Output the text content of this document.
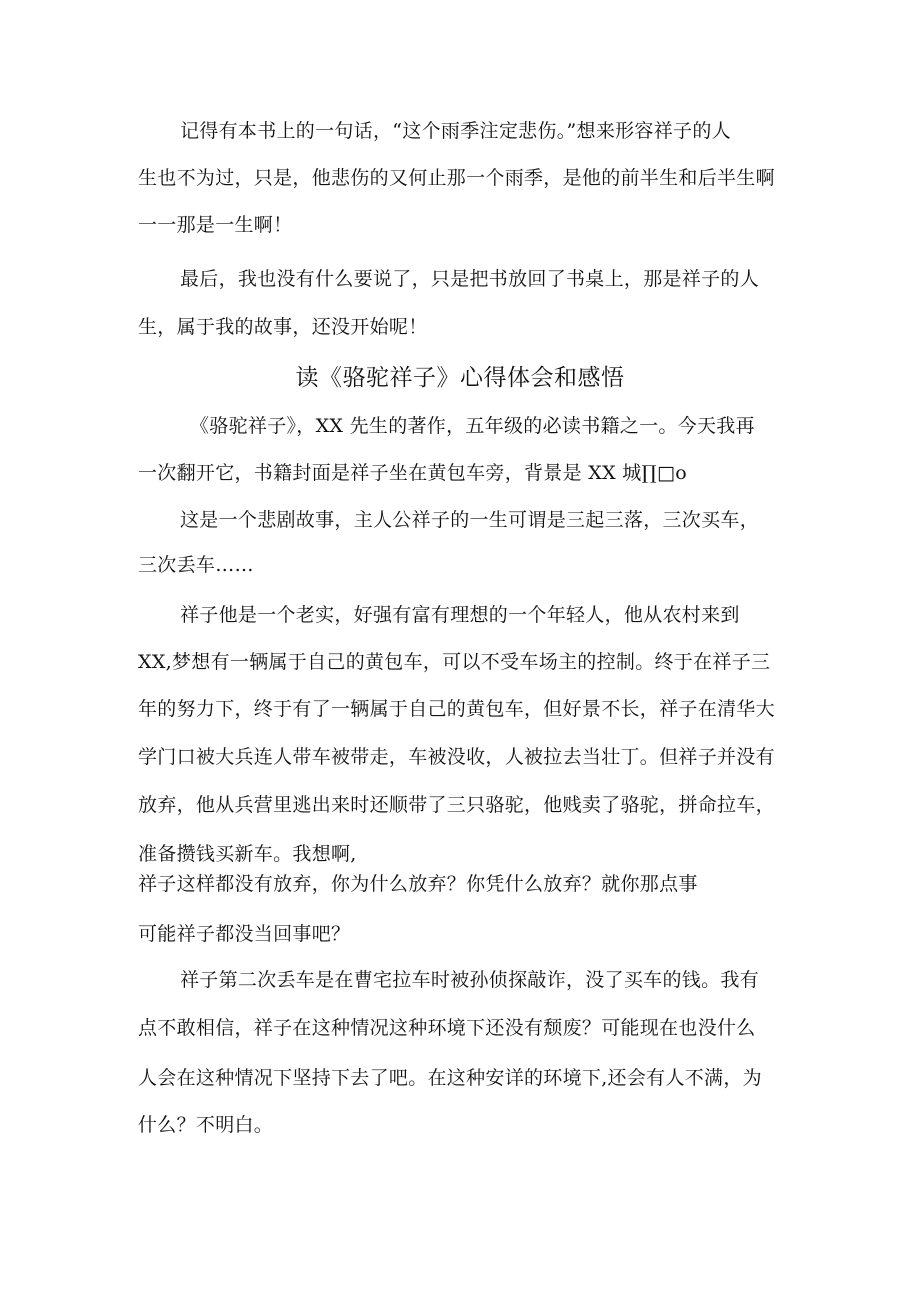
记得有本书上的一句话，“这个雨季注定悲伤。”想来形容祥子的人
生也不为过，只是，他悲伤的又何止那一个雨季，是他的前半生和后半生啊
一一那是一生啊！
最后，我也没有什么要说了，只是把书放回了书桌上，那是祥子的人
生，属于我的故事，还没开始呢！
读《骆驼祥子》心得体会和感悟
《骆驼祥子》，XX 先生的著作，五年级的必读书籍之一。今天我再
一次翻开它，书籍封面是祥子坐在黄包车旁，背景是 XX 城∏□o
这是一个悲剧故事，主人公祥子的一生可谓是三起三落，三次买车，
三次丢车……
祥子他是一个老实，好强有富有理想的一个年轻人，他从农村来到
XX,梦想有一辆属于自己的黄包车，可以不受车场主的控制。终于在祥子三
年的努力下，终于有了一辆属于自己的黄包车，但好景不长，祥子在清华大
学门口被大兵连人带车被带走，车被没收，人被拉去当壮丁。但祥子并没有
放弃，他从兵营里逃出来时还顺带了三只骆驼，他贱卖了骆驼，拼命拉车，
准备攒钱买新车。我想啊,
祥子这样都没有放弃，你为什么放弃？你凭什么放弃？就你那点事
可能祥子都没当回事吧？
祥子第二次丢车是在曹宅拉车时被孙侦探敲诈，没了买车的钱。我有
点不敢相信，祥子在这种情况这种环境下还没有颓废？可能现在也没什么
人会在这种情况下坚持下去了吧。在这种安详的环境下,还会有人不满，为
什么？不明白。
